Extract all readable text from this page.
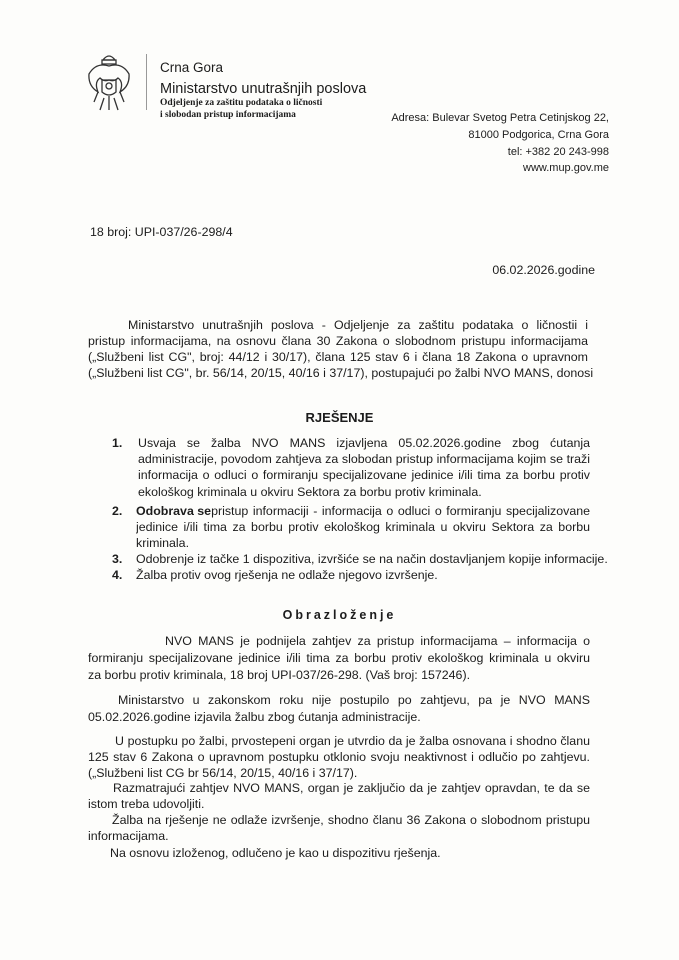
Crna Gora
Ministarstvo unutrašnjih poslova
Odjeljenje za zaštitu podataka o ličnosti
i slobodan pristup informacijama	Adresa: Bulevar Svetog Petra Cetinjskog 22,
81000 Podgorica, Crna Gora
tel: +382 20 243-998
www.mup.gov.me
18 broj: UPI-037/26-298/4
06.02.2026.godine
Ministarstvo unutrašnjih poslova - Odjeljenje za zaštitu podataka o ličnostii i
pristup informacijama, na osnovu člana 30 Zakona o slobodnom pristupu informacijama
(„Službeni list CG", broj: 44/12 i 30/17), člana 125 stav 6 i člana 18 Zakona o upravnom
(„Službeni list CG", br. 56/14, 20/15, 40/16 i 37/17), postupajući po žalbi NVO MANS, donosi
RJEŠENJE
1. Usvaja se žalba NVO MANS izjavljena 05.02.2026.godine zbog ćutanja
administracije, povodom zahtjeva za slobodan pristup informacijama kojim se traži
informacija o odluci o formiranju specijalizovane jedinice i/ili tima za borbu protiv
ekološkog kriminala u okviru Sektora za borbu protiv kriminala.
2. Odobrava se pristup informaciji - informacija o odluci o formiranju specijalizovane
jedinice i/ili tima za borbu protiv ekološkog kriminala u okviru Sektora za borbu
kriminala.
3. Odobrenje iz tačke 1 dispozitiva, izvršiće se na način dostavljanjem kopije informacije.
4. Žalba protiv ovog rješenja ne odlaže njegovo izvršenje.
Obrazloženje
NVO MANS je podnijela zahtjev za pristup informacijama – informacija o
formiranju specijalizovane jedinice i/ili tima za borbu protiv ekološkog kriminala u okviru
za borbu protiv kriminala, 18 broj UPI-037/26-298. (Vaš broj: 157246).
Ministarstvo u zakonskom roku nije postupilo po zahtjevu, pa je NVO MANS
05.02.2026.godine izjavila žalbu zbog ćutanja administracije.
U postupku po žalbi, prvostepeni organ je utvrdio da je žalba osnovana i shodno članu
125 stav 6 Zakona o upravnom postupku otklonio svoju neaktivnost i odlučio po zahtjevu.
(„Službeni list CG br 56/14, 20/15, 40/16 i 37/17).
Razmatrajući zahtjev NVO MANS, organ je zaključio da je zahtjev opravdan, te da se
istom treba udovoljiti.
Žalba na rješenje ne odlaže izvršenje, shodno članu 36 Zakona o slobodnom pristupu
informacijama.
Na osnovu izloženog, odlučeno je kao u dispozitivu rješenja.
